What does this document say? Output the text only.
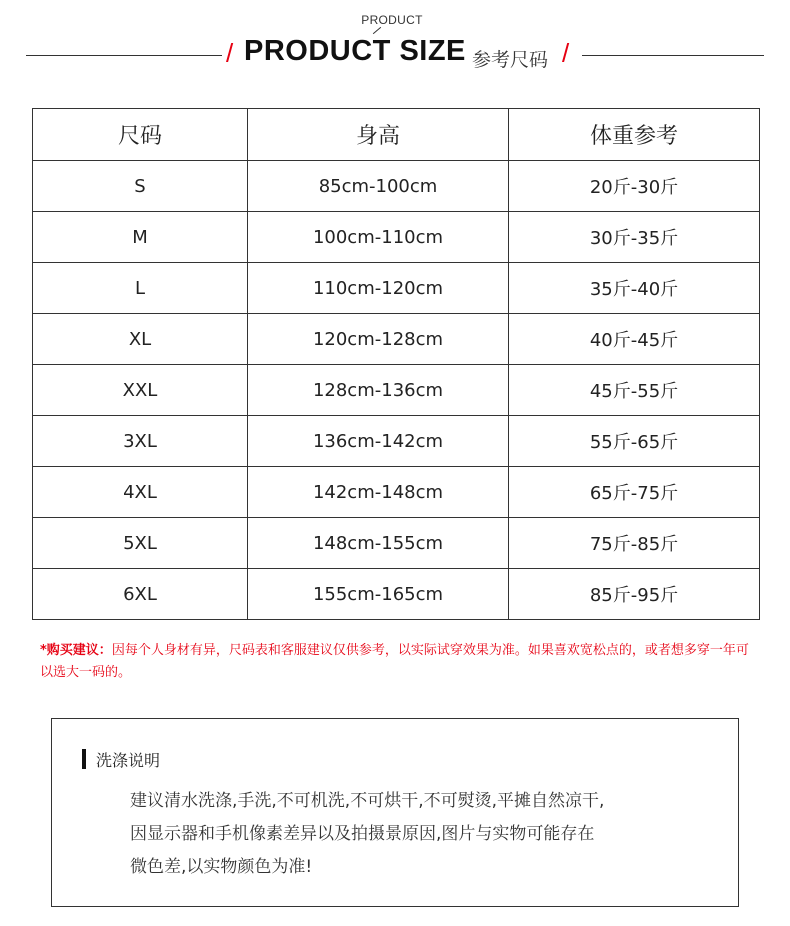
PRODUCT
/ PRODUCT SIZE 参考尺码 /
尺码	身高	体重参考
S	85cm-100cm	20斤-30斤
M	100cm-110cm	30斤-35斤
L	110cm-120cm	35斤-40斤
XL	120cm-128cm	40斤-45斤
XXL	128cm-136cm	45斤-55斤
3XL	136cm-142cm	55斤-65斤
4XL	142cm-148cm	65斤-75斤
5XL	148cm-155cm	75斤-85斤
6XL	155cm-165cm	85斤-95斤
*购买建议：因每个人身材有异，尺码表和客服建议仅供参考，以实际试穿效果为准。如果喜欢宽松点的，或者想多穿一年可以选大一码的。
洗涤说明
建议清水洗涤,手洗,不可机洗,不可烘干,不可熨烫,平摊自然凉干,
因显示器和手机像素差异以及拍摄景原因,图片与实物可能存在
微色差,以实物颜色为准!
